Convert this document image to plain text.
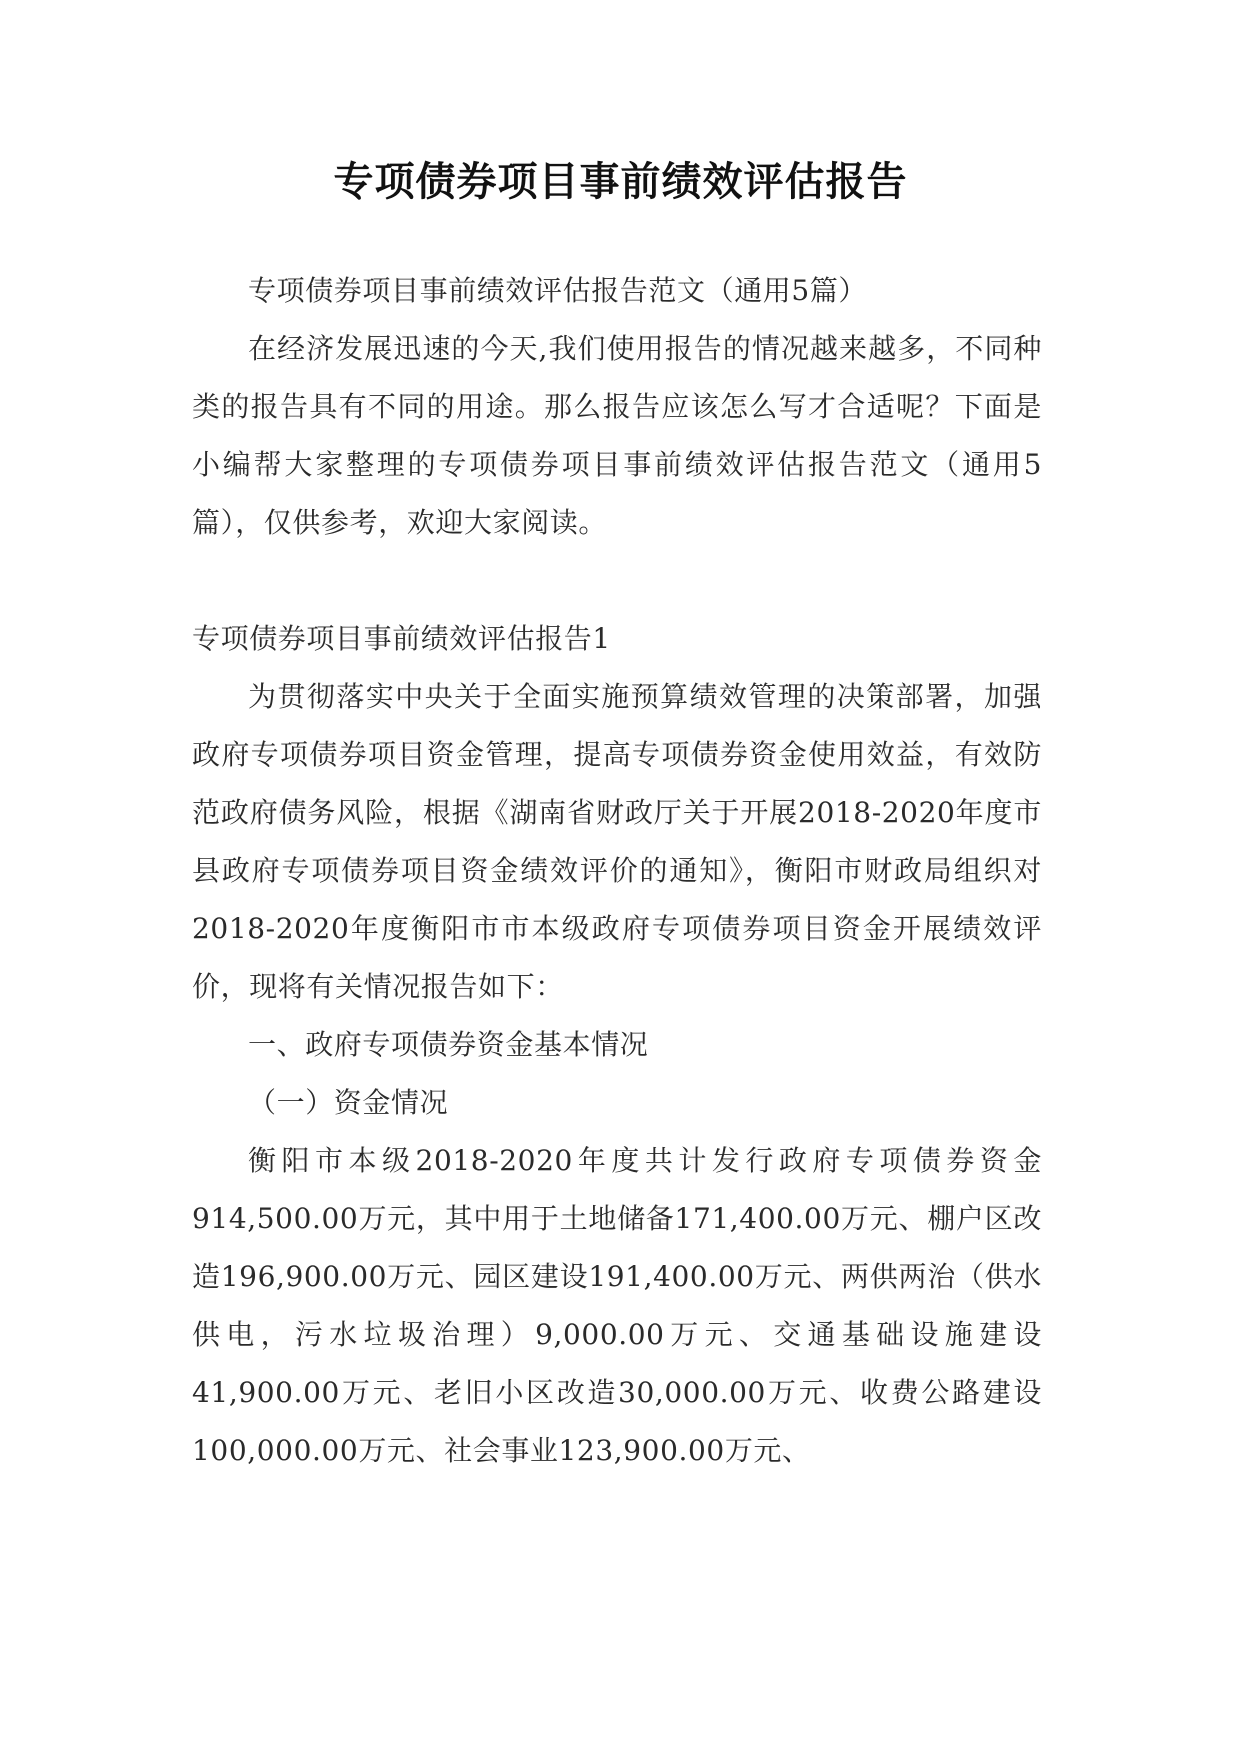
专项债券项目事前绩效评估报告

专项债券项目事前绩效评估报告范文（通用5篇）

在经济发展迅速的今天,我们使用报告的情况越来越多，不同种类的报告具有不同的用途。那么报告应该怎么写才合适呢？下面是小编帮大家整理的专项债券项目事前绩效评估报告范文（通用5篇），仅供参考，欢迎大家阅读。

专项债券项目事前绩效评估报告1

为贯彻落实中央关于全面实施预算绩效管理的决策部署，加强政府专项债券项目资金管理，提高专项债券资金使用效益，有效防范政府债务风险，根据《湖南省财政厅关于开展2018-2020年度市县政府专项债券项目资金绩效评价的通知》，衡阳市财政局组织对2018-2020年度衡阳市市本级政府专项债券项目资金开展绩效评价，现将有关情况报告如下：

一、政府专项债券资金基本情况

（一）资金情况

衡阳市本级2018-2020年度共计发行政府专项债券资金914,500.00万元，其中用于土地储备171,400.00万元、棚户区改造196,900.00万元、园区建设191,400.00万元、两供两治（供水供电，污水垃圾治理）9,000.00万元、交通基础设施建设41,900.00万元、老旧小区改造30,000.00万元、收费公路建设100,000.00万元、社会事业123,900.00万元、
